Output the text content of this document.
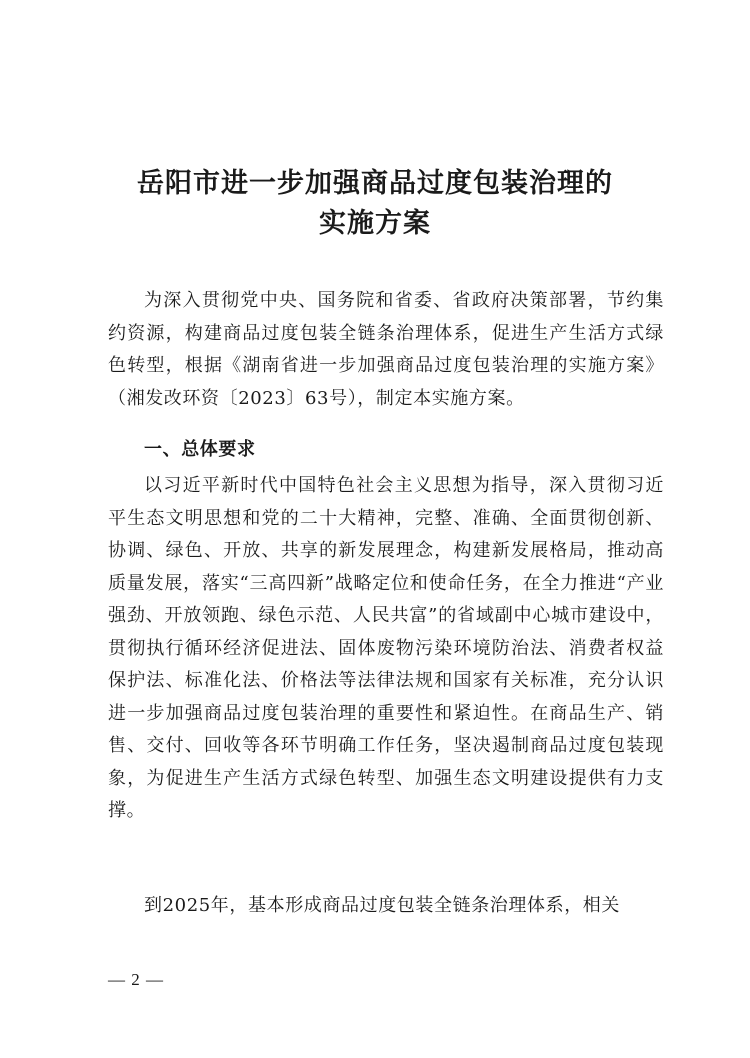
岳阳市进一步加强商品过度包装治理的
实施方案

为深入贯彻党中央、国务院和省委、省政府决策部署，节约集约资源，构建商品过度包装全链条治理体系，促进生产生活方式绿色转型，根据《湖南省进一步加强商品过度包装治理的实施方案》（湘发改环资〔2023〕63号），制定本实施方案。

一、总体要求

以习近平新时代中国特色社会主义思想为指导，深入贯彻习近平生态文明思想和党的二十大精神，完整、准确、全面贯彻创新、协调、绿色、开放、共享的新发展理念，构建新发展格局，推动高质量发展，落实“三高四新”战略定位和使命任务，在全力推进“产业强劲、开放领跑、绿色示范、人民共富”的省域副中心城市建设中，贯彻执行循环经济促进法、固体废物污染环境防治法、消费者权益保护法、标准化法、价格法等法律法规和国家有关标准，充分认识进一步加强商品过度包装治理的重要性和紧迫性。在商品生产、销售、交付、回收等各环节明确工作任务，坚决遏制商品过度包装现象，为促进生产生活方式绿色转型、加强生态文明建设提供有力支撑。

到2025年，基本形成商品过度包装全链条治理体系，相关

— 2 —
